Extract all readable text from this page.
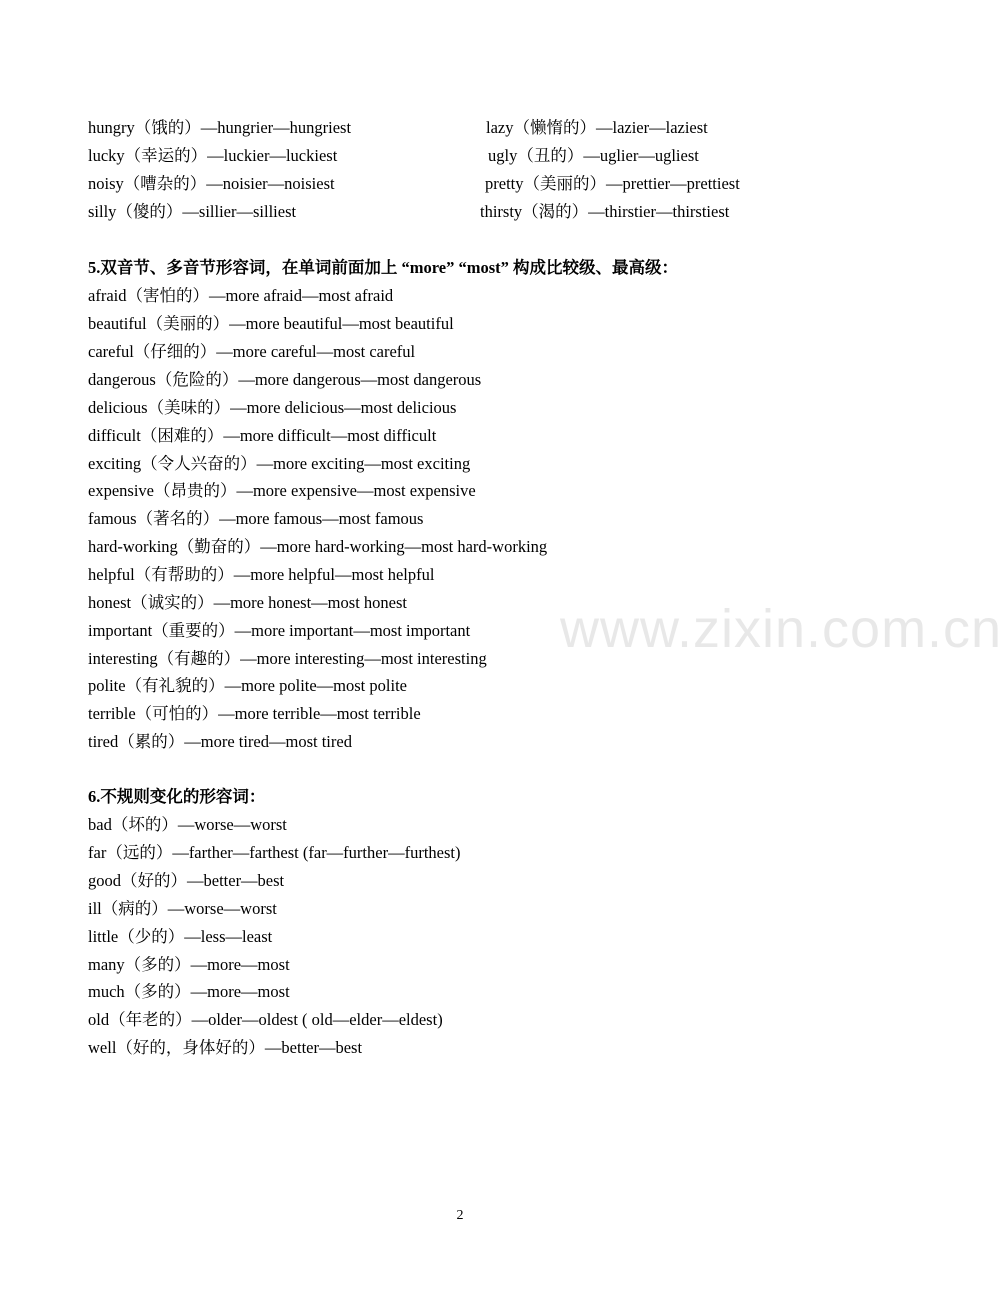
hungry（饿的）—hungrier—hungriest	lazy（懒惰的）—lazier—laziest
lucky（幸运的）—luckier—luckiest	ugly（丑的）—uglier—ugliest
noisy（嘈杂的）—noisier—noisiest	pretty（美丽的）—prettier—prettiest
silly（傻的）—sillier—silliest	thirsty（渴的）—thirstier—thirstiest
5.双音节、多音节形容词，在单词前面加上 “more” “most” 构成比较级、最高级：
afraid（害怕的）—more afraid—most afraid
beautiful（美丽的）—more beautiful—most beautiful
careful（仔细的）—more careful—most careful
dangerous（危险的）—more dangerous—most dangerous
delicious（美味的）—more delicious—most delicious
difficult（困难的）—more difficult—most difficult
exciting（令人兴奋的）—more exciting—most exciting
expensive（昂贵的）—more expensive—most expensive
famous（著名的）—more famous—most famous
hard-working（勤奋的）—more hard-working—most hard-working
helpful（有帮助的）—more helpful—most helpful
honest（诚实的）—more honest—most honest
important（重要的）—more important—most important
interesting（有趣的）—more interesting—most interesting
polite（有礼貌的）—more polite—most polite
terrible（可怕的）—more terrible—most terrible
tired（累的）—more tired—most tired
6.不规则变化的形容词：
bad（坏的）—worse—worst
far（远的）—farther—farthest (far—further—furthest)
good（好的）—better—best
ill（病的）—worse—worst
little（少的）—less—least
many（多的）—more—most
much（多的）—more—most
old（年老的）—older—oldest ( old—elder—eldest)
well（好的，身体好的）—better—best
www.zixin.com.cn
2
